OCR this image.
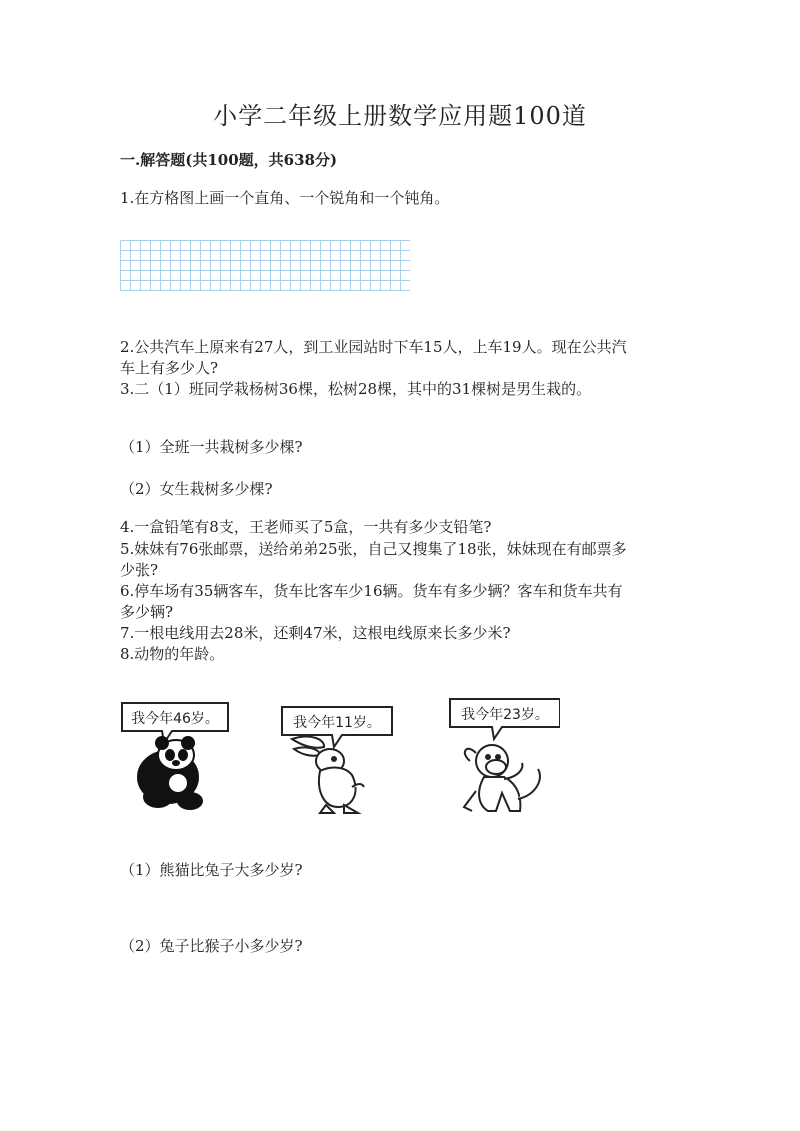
小学二年级上册数学应用题100道
一.解答题(共100题，共638分)
1.在方格图上画一个直角、一个锐角和一个钝角。
2.公共汽车上原来有27人，到工业园站时下车15人，上车19人。现在公共汽
车上有多少人?
3.二（1）班同学栽杨树36棵，松树28棵，其中的31棵树是男生栽的。
（1）全班一共栽树多少棵?
（2）女生栽树多少棵?
4.一盒铅笔有8支，王老师买了5盒，一共有多少支铅笔?
5.妹妹有76张邮票，送给弟弟25张，自己又搜集了18张，妹妹现在有邮票多
少张?
6.停车场有35辆客车，货车比客车少16辆。货车有多少辆？客车和货车共有
多少辆?
7.一根电线用去28米，还剩47米，这根电线原来长多少米?
8.动物的年龄。
我今年46岁。	我今年11岁。	我今年23岁。
（1）熊猫比兔子大多少岁?
（2）兔子比猴子小多少岁?
